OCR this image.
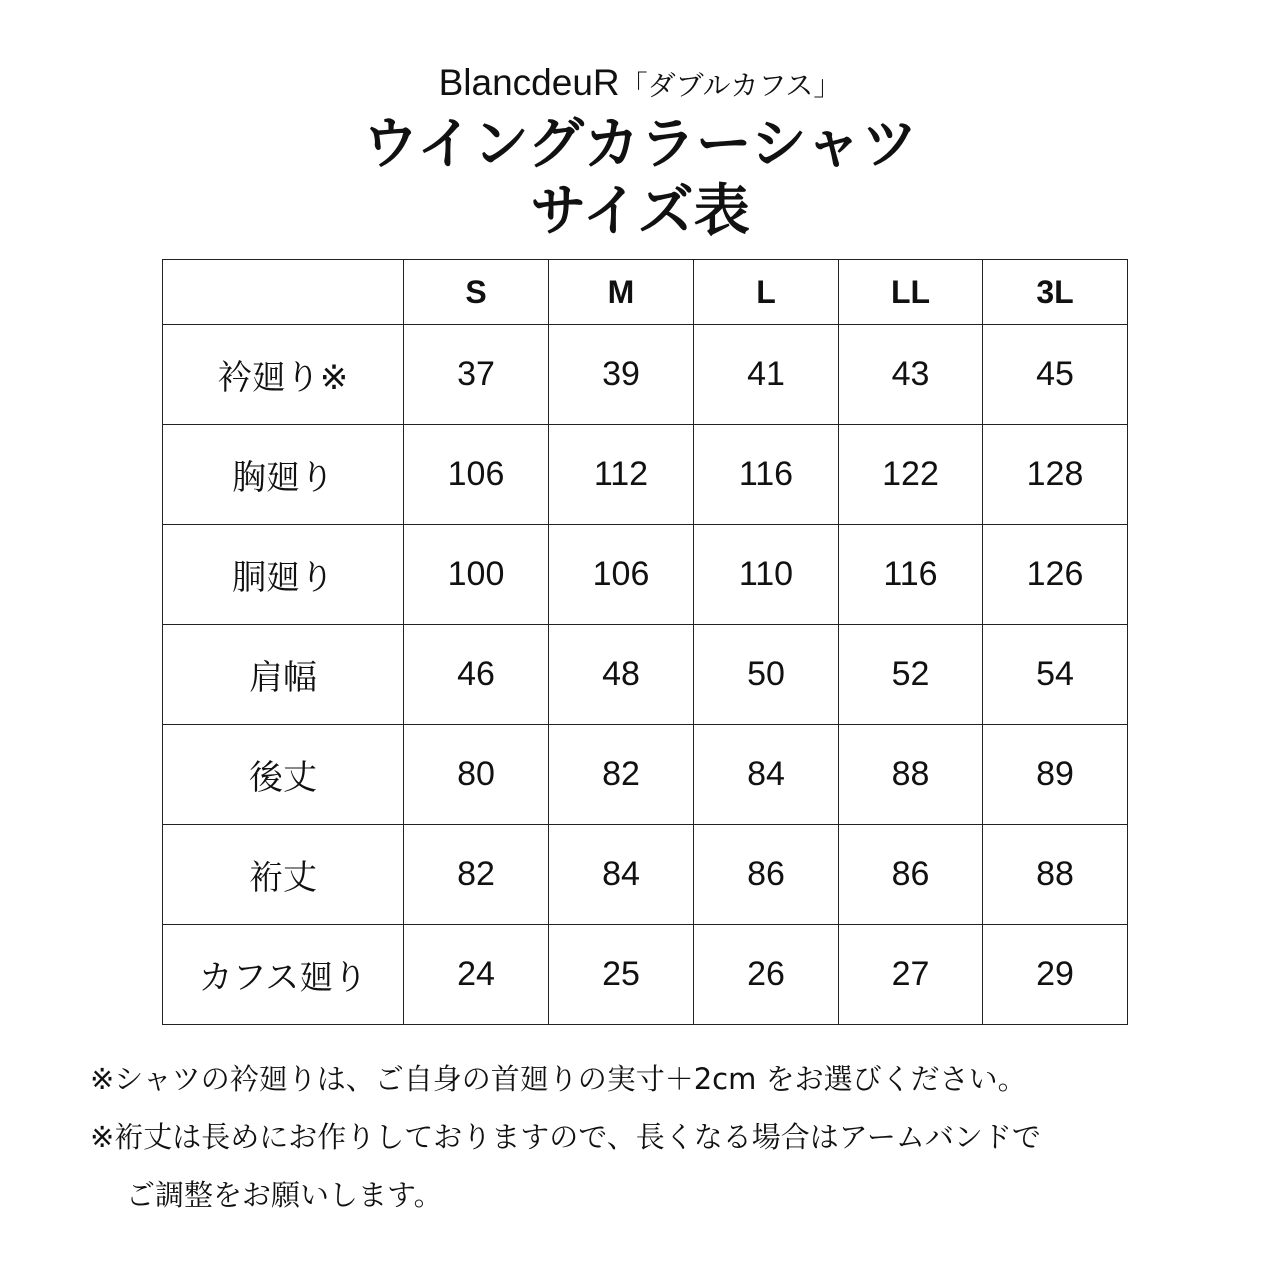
BlancdeuR「ダブルカフス」
ウイングカラーシャツ
サイズ表
	S	M	L	LL	3L
衿廻り※	37	39	41	43	45
胸廻り	106	112	116	122	128
胴廻り	100	106	110	116	126
肩幅	46	48	50	52	54
後丈	80	82	84	88	89
裄丈	82	84	86	86	88
カフス廻り	24	25	26	27	29
※シャツの衿廻りは、ご自身の首廻りの実寸＋2cm をお選びください。
※裄丈は長めにお作りしておりますので、長くなる場合はアームバンドで
ご調整をお願いします。
